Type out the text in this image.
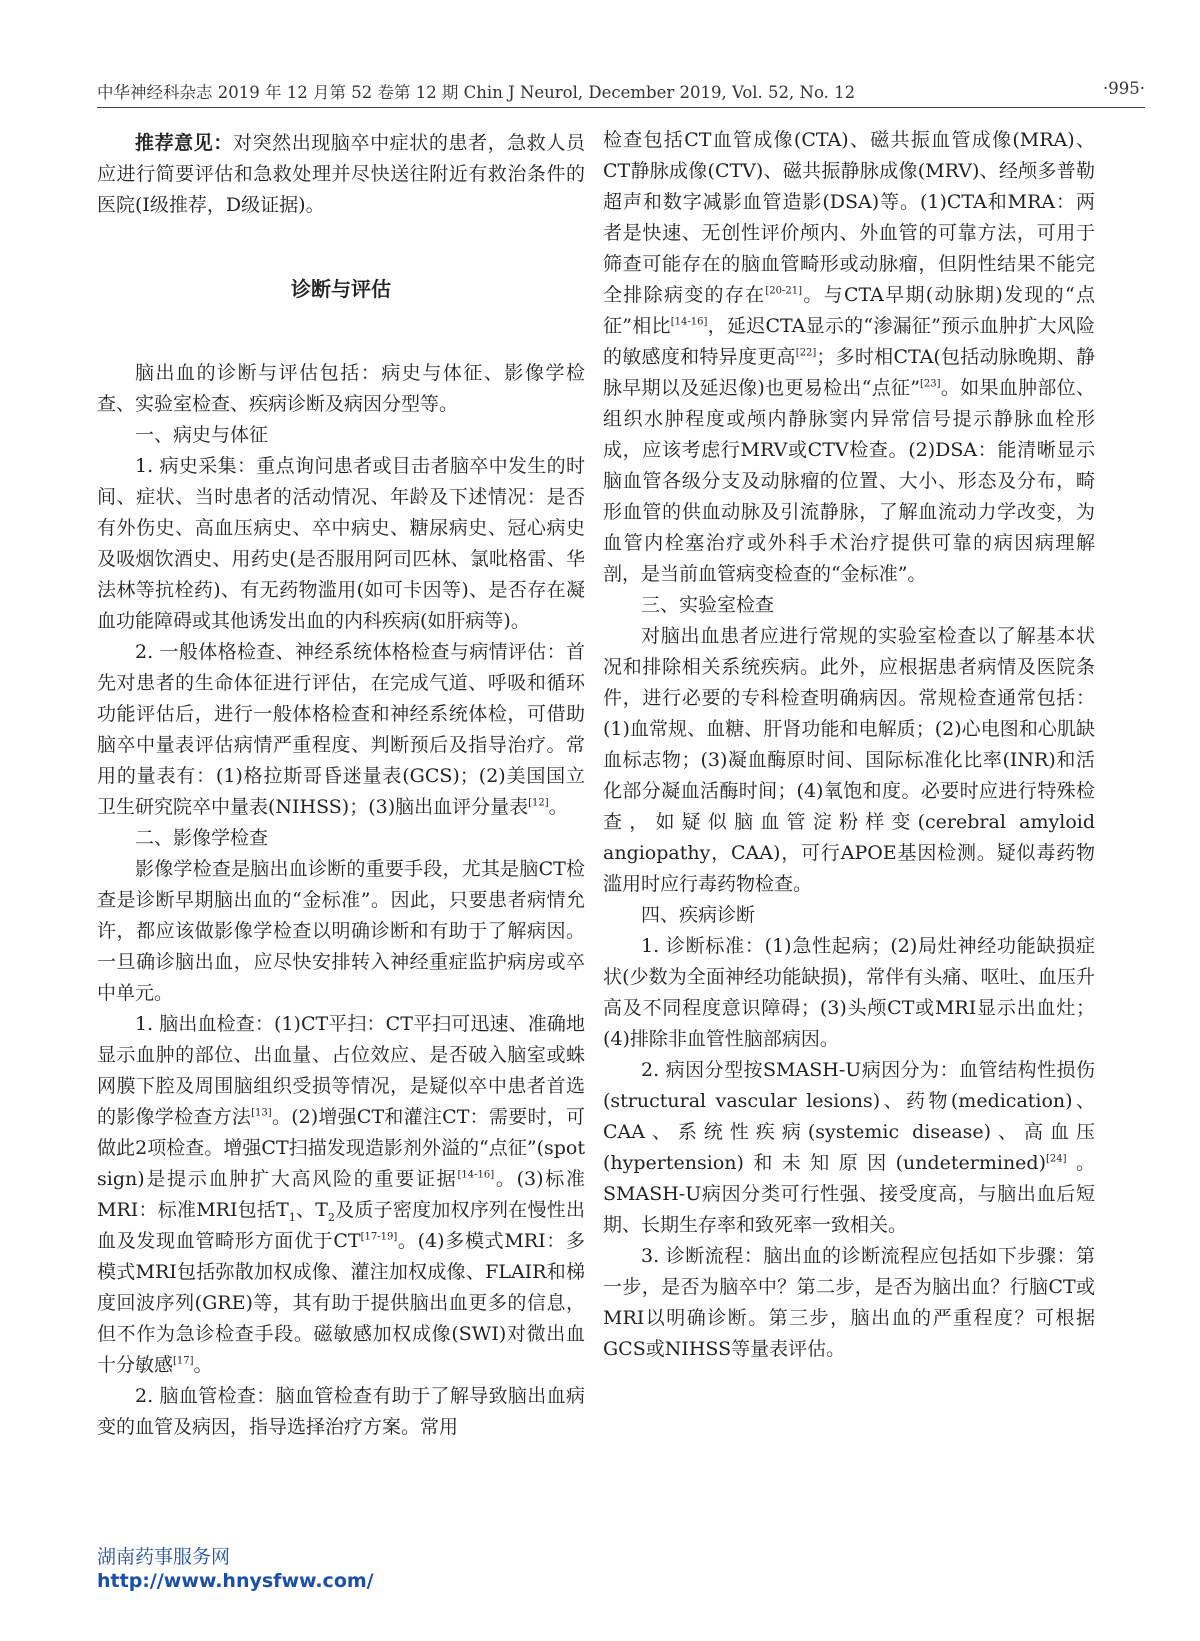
中华神经科杂志 2019 年 12 月第 52 卷第 12 期 Chin J Neurol, December 2019, Vol. 52, No. 12	·995·

推荐意见：对突然出现脑卒中症状的患者，急救人员应进行简要评估和急救处理并尽快送往附近有救治条件的医院(Ⅰ级推荐，D级证据)。

诊断与评估

脑出血的诊断与评估包括：病史与体征、影像学检查、实验室检查、疾病诊断及病因分型等。

一、病史与体征

1. 病史采集：重点询问患者或目击者脑卒中发生的时间、症状、当时患者的活动情况、年龄及下述情况：是否有外伤史、高血压病史、卒中病史、糖尿病史、冠心病史及吸烟饮酒史、用药史(是否服用阿司匹林、氯吡格雷、华法林等抗栓药)、有无药物滥用(如可卡因等)、是否存在凝血功能障碍或其他诱发出血的内科疾病(如肝病等)。

2. 一般体格检查、神经系统体格检查与病情评估：首先对患者的生命体征进行评估，在完成气道、呼吸和循环功能评估后，进行一般体格检查和神经系统体检，可借助脑卒中量表评估病情严重程度、判断预后及指导治疗。常用的量表有：(1)格拉斯哥昏迷量表(GCS)；(2)美国国立卫生研究院卒中量表(NIHSS)；(3)脑出血评分量表[12]。

二、影像学检查

影像学检查是脑出血诊断的重要手段，尤其是脑CT检查是诊断早期脑出血的“金标准”。因此，只要患者病情允许，都应该做影像学检查以明确诊断和有助于了解病因。一旦确诊脑出血，应尽快安排转入神经重症监护病房或卒中单元。

1. 脑出血检查：(1)CT平扫：CT平扫可迅速、准确地显示血肿的部位、出血量、占位效应、是否破入脑室或蛛网膜下腔及周围脑组织受损等情况，是疑似卒中患者首选的影像学检查方法[13]。(2)增强CT和灌注CT：需要时，可做此2项检查。增强CT扫描发现造影剂外溢的“点征”(spot sign)是提示血肿扩大高风险的重要证据[14-16]。(3)标准MRI：标准MRI包括$T_1$、$T_2$及质子密度加权序列在慢性出血及发现血管畸形方面优于CT[17-19]。(4)多模式MRI：多模式MRI包括弥散加权成像、灌注加权成像、FLAIR和梯度回波序列(GRE)等，其有助于提供脑出血更多的信息，但不作为急诊检查手段。磁敏感加权成像(SWI)对微出血十分敏感[17]。

2. 脑血管检查：脑血管检查有助于了解导致脑出血病变的血管及病因，指导选择治疗方案。常用

检查包括CT血管成像(CTA)、磁共振血管成像(MRA)、CT静脉成像(CTV)、磁共振静脉成像(MRV)、经颅多普勒超声和数字减影血管造影(DSA)等。(1)CTA和MRA：两者是快速、无创性评价颅内、外血管的可靠方法，可用于筛查可能存在的脑血管畸形或动脉瘤，但阴性结果不能完全排除病变的存在[20-21]。与CTA早期(动脉期)发现的“点征”相比[14-16]，延迟CTA显示的“渗漏征”预示血肿扩大风险的敏感度和特异度更高[22]；多时相CTA(包括动脉晚期、静脉早期以及延迟像)也更易检出“点征”[23]。如果血肿部位、组织水肿程度或颅内静脉窦内异常信号提示静脉血栓形成，应该考虑行MRV或CTV检查。(2)DSA：能清晰显示脑血管各级分支及动脉瘤的位置、大小、形态及分布，畸形血管的供血动脉及引流静脉，了解血流动力学改变，为血管内栓塞治疗或外科手术治疗提供可靠的病因病理解剖，是当前血管病变检查的“金标准”。

三、实验室检查

对脑出血患者应进行常规的实验室检查以了解基本状况和排除相关系统疾病。此外，应根据患者病情及医院条件，进行必要的专科检查明确病因。常规检查通常包括：(1)血常规、血糖、肝肾功能和电解质；(2)心电图和心肌缺血标志物；(3)凝血酶原时间、国际标准化比率(INR)和活化部分凝血活酶时间；(4)氧饱和度。必要时应进行特殊检查，如疑似脑血管淀粉样变(cerebral amyloid angiopathy，CAA)，可行APOE基因检测。疑似毒药物滥用时应行毒药物检查。

四、疾病诊断

1. 诊断标准：(1)急性起病；(2)局灶神经功能缺损症状(少数为全面神经功能缺损)，常伴有头痛、呕吐、血压升高及不同程度意识障碍；(3)头颅CT或MRI显示出血灶；(4)排除非血管性脑部病因。

2. 病因分型按SMASH-U病因分为：血管结构性损伤(structural vascular lesions)、药物(medication)、CAA、系统性疾病(systemic disease)、高血压(hypertension)和未知原因(undetermined)[24]。SMASH-U病因分类可行性强、接受度高，与脑出血后短期、长期生存率和致死率一致相关。

3. 诊断流程：脑出血的诊断流程应包括如下步骤：第一步，是否为脑卒中？第二步，是否为脑出血？行脑CT或MRI以明确诊断。第三步，脑出血的严重程度？可根据GCS或NIHSS等量表评估。

湖南药事服务网
http://www.hnysfww.com/
